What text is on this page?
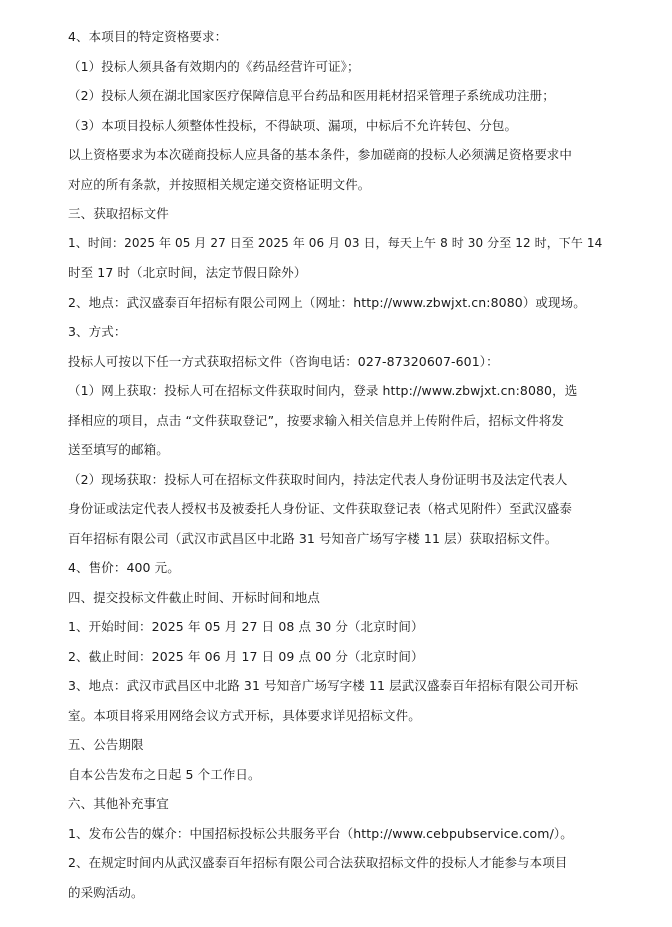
4、本项目的特定资格要求：

（1）投标人须具备有效期内的《药品经营许可证》；

（2）投标人须在湖北国家医疗保障信息平台药品和医用耗材招采管理子系统成功注册；

（3）本项目投标人须整体性投标，不得缺项、漏项，中标后不允许转包、分包。

以上资格要求为本次磋商投标人应具备的基本条件，参加磋商的投标人必须满足资格要求中

对应的所有条款，并按照相关规定递交资格证明文件。

三、获取招标文件

1、时间：2025 年 05 月 27 日至 2025 年 06 月 03 日，每天上午 8 时 30 分至 12 时，下午 14

时至 17 时（北京时间，法定节假日除外）

2、地点：武汉盛泰百年招标有限公司网上（网址：http://www.zbwjxt.cn:8080）或现场。

3、方式：

投标人可按以下任一方式获取招标文件（咨询电话：027-87320607-601）：

（1）网上获取：投标人可在招标文件获取时间内，登录 http://www.zbwjxt.cn:8080，选

择相应的项目，点击 “文件获取登记”，按要求输入相关信息并上传附件后，招标文件将发

送至填写的邮箱。

（2）现场获取：投标人可在招标文件获取时间内，持法定代表人身份证明书及法定代表人

身份证或法定代表人授权书及被委托人身份证、文件获取登记表（格式见附件）至武汉盛泰

百年招标有限公司（武汉市武昌区中北路 31 号知音广场写字楼 11 层）获取招标文件。

4、售价：400 元。

四、提交投标文件截止时间、开标时间和地点

1、开始时间：2025 年 05 月 27 日 08 点 30 分（北京时间）

2、截止时间：2025 年 06 月 17 日 09 点 00 分（北京时间）

3、地点：武汉市武昌区中北路 31 号知音广场写字楼 11 层武汉盛泰百年招标有限公司开标

室。本项目将采用网络会议方式开标，具体要求详见招标文件。

五、公告期限

自本公告发布之日起 5 个工作日。

六、其他补充事宜

1、发布公告的媒介：中国招标投标公共服务平台（http://www.cebpubservice.com/）。

2、在规定时间内从武汉盛泰百年招标有限公司合法获取招标文件的投标人才能参与本项目

的采购活动。
